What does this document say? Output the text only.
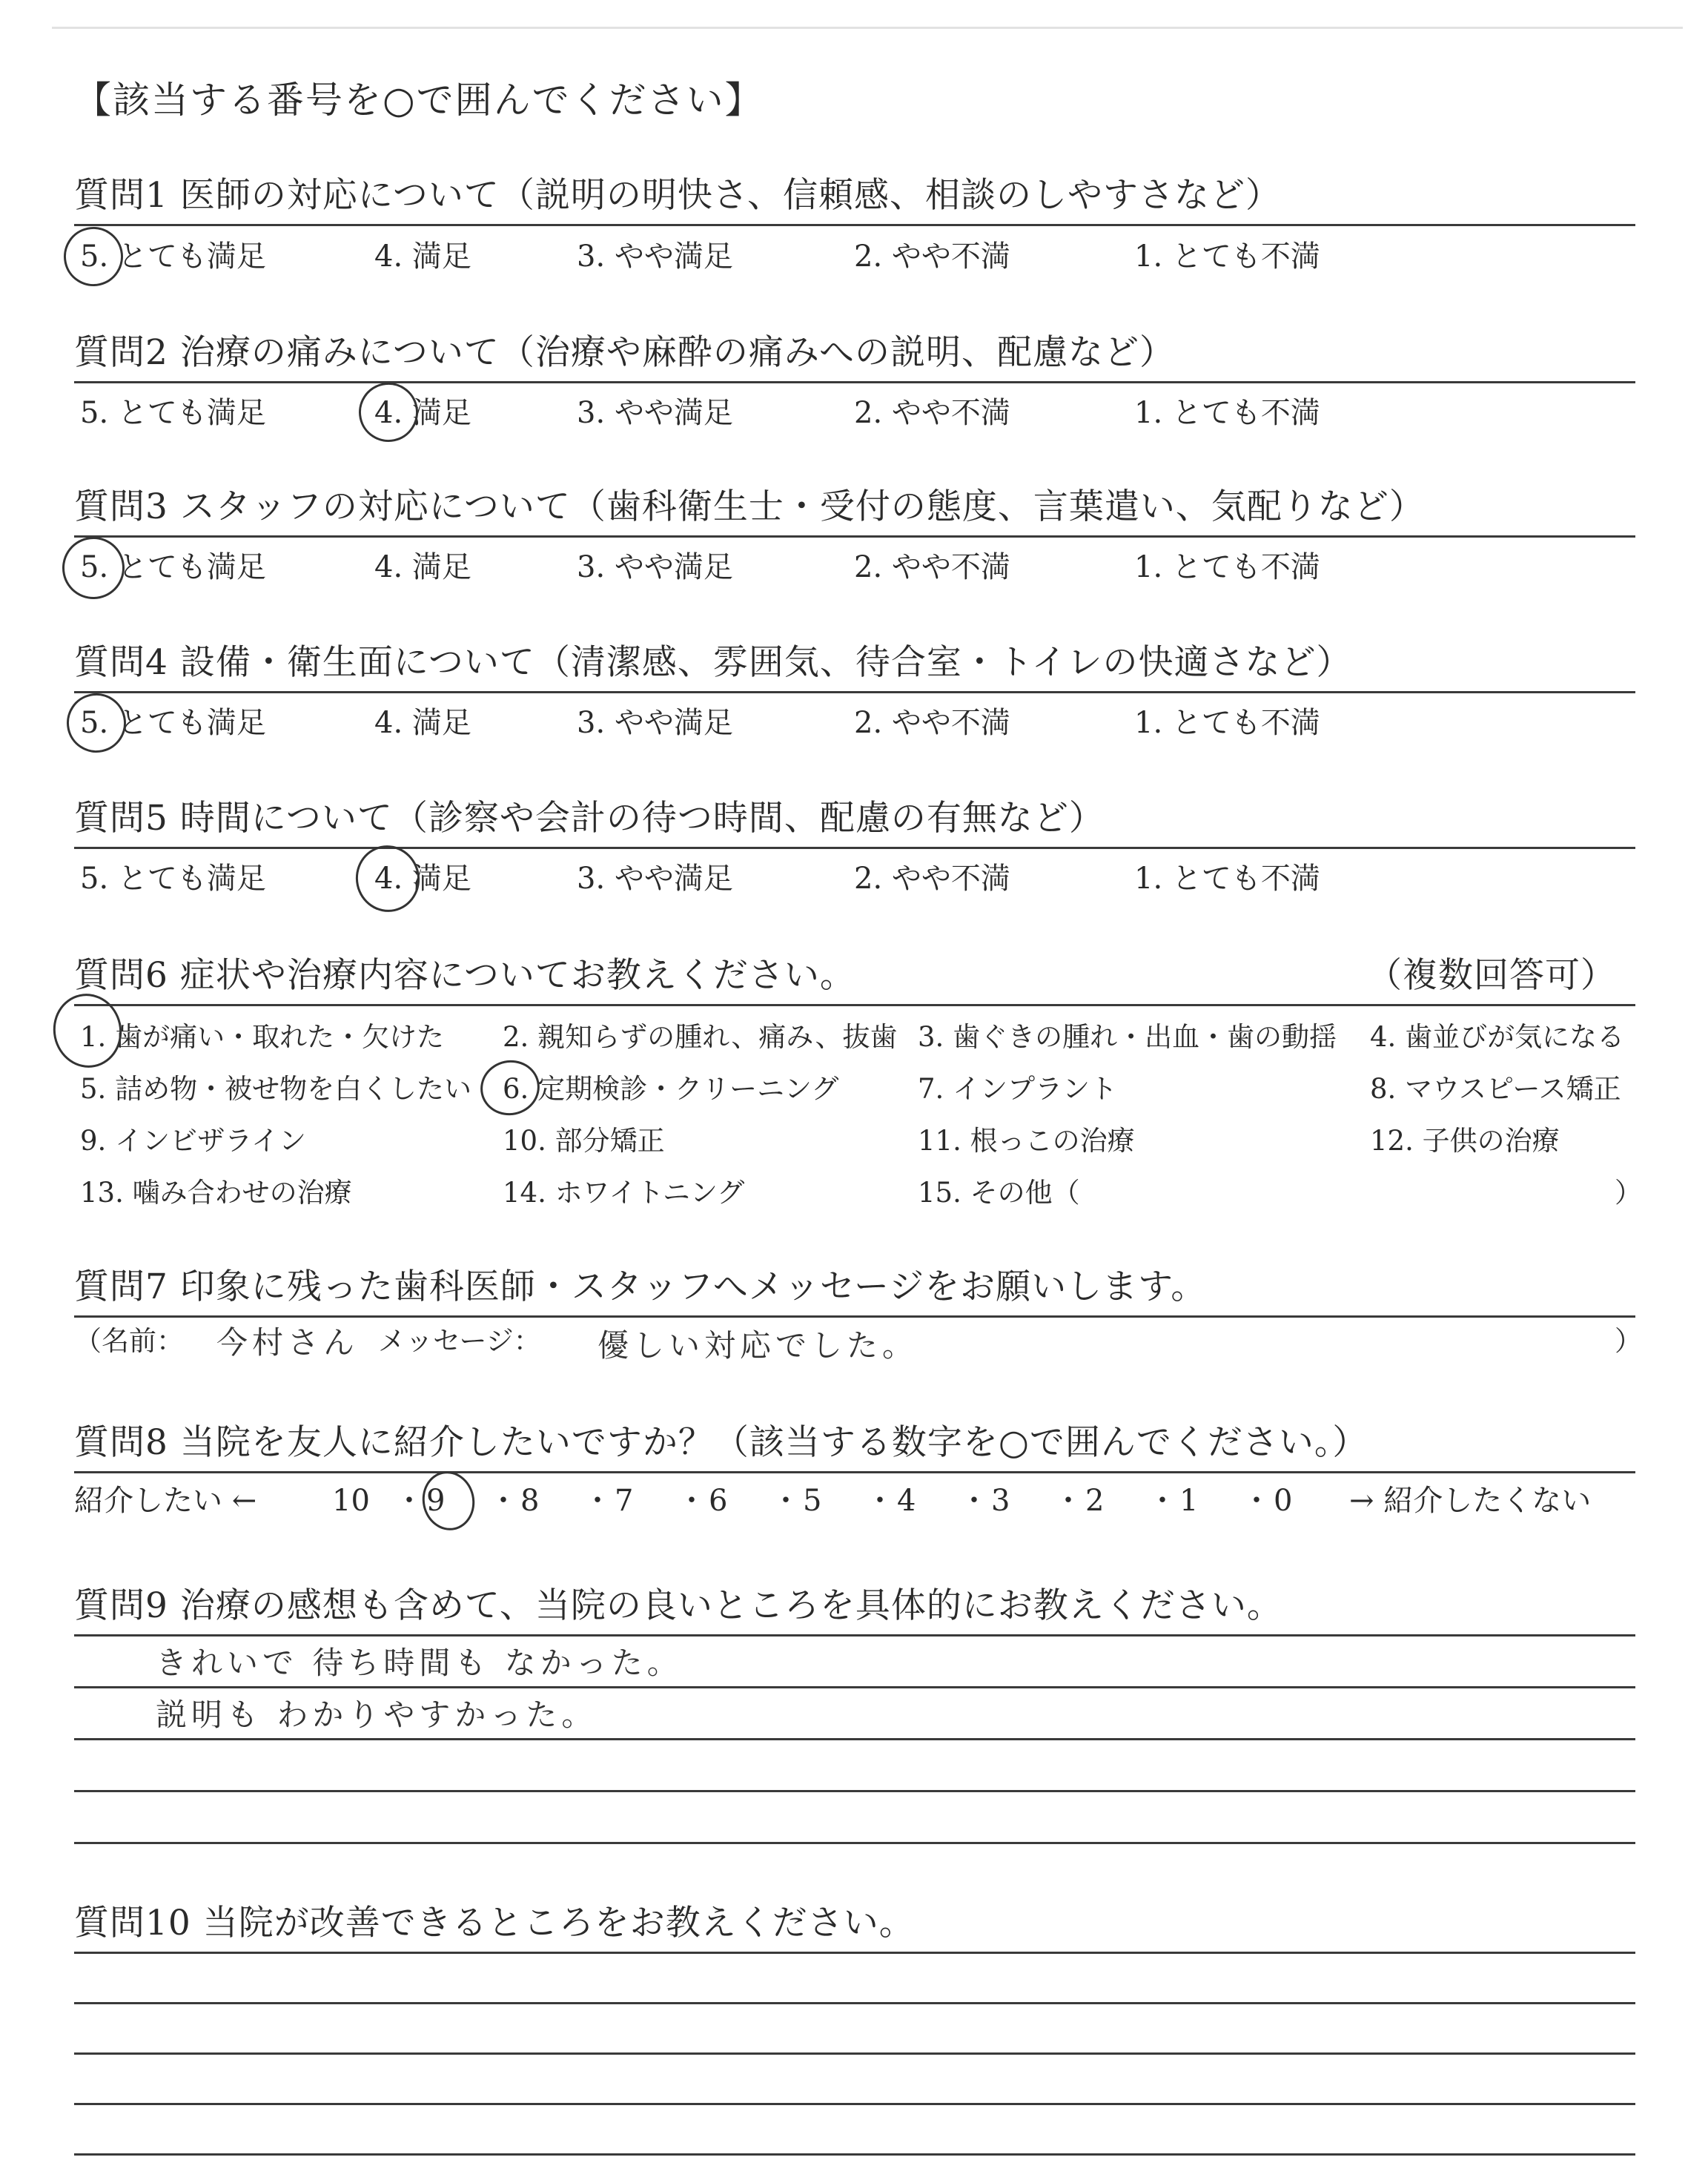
【該当する番号を○で囲んでください】
質問1 医師の対応について（説明の明快さ、信頼感、相談のしやすさなど）
5. とても満足	4. 満足	3. やや満足	2. やや不満	1. とても不満
質問2 治療の痛みについて（治療や麻酔の痛みへの説明、配慮など）
5. とても満足	4. 満足	3. やや満足	2. やや不満	1. とても不満
質問3 スタッフの対応について（歯科衛生士・受付の態度、言葉遣い、気配りなど）
5. とても満足	4. 満足	3. やや満足	2. やや不満	1. とても不満
質問4 設備・衛生面について（清潔感、雰囲気、待合室・トイレの快適さなど）
5. とても満足	4. 満足	3. やや満足	2. やや不満	1. とても不満
質問5 時間について（診察や会計の待つ時間、配慮の有無など）
5. とても満足	4. 満足	3. やや満足	2. やや不満	1. とても不満
質問6 症状や治療内容についてお教えください。	（複数回答可）
1. 歯が痛い・取れた・欠けた 2. 親知らずの腫れ、痛み、抜歯 3. 歯ぐきの腫れ・出血・歯の動揺 4. 歯並びが気になる
5. 詰め物・被せ物を白くしたい 6. 定期検診・クリーニング	7. インプラント	8. マウスピース矯正
9. インビザライン	10. 部分矯正	11. 根っこの治療	12. 子供の治療
13. 噛み合わせの治療	14. ホワイトニング	15. その他（	）
質問7 印象に残った歯科医師・スタッフへメッセージをお願いします。
（名前： 今村さん メッセージ： 優しい対応でした。	）
質問8 当院を友人に紹介したいですか？（該当する数字を○で囲んでください。）
紹介したい ←	10 ・ 9 ・ 8 ・ 7 ・ 6 ・ 5 ・ 4 ・ 3 ・ 2 ・ 1 ・ 0 → 紹介したくない
質問9 治療の感想も含めて、当院の良いところを具体的にお教えください。
きれいで 待ち時間も なかった。
説明も わかりやすかった。
質問10 当院が改善できるところをお教えください。
